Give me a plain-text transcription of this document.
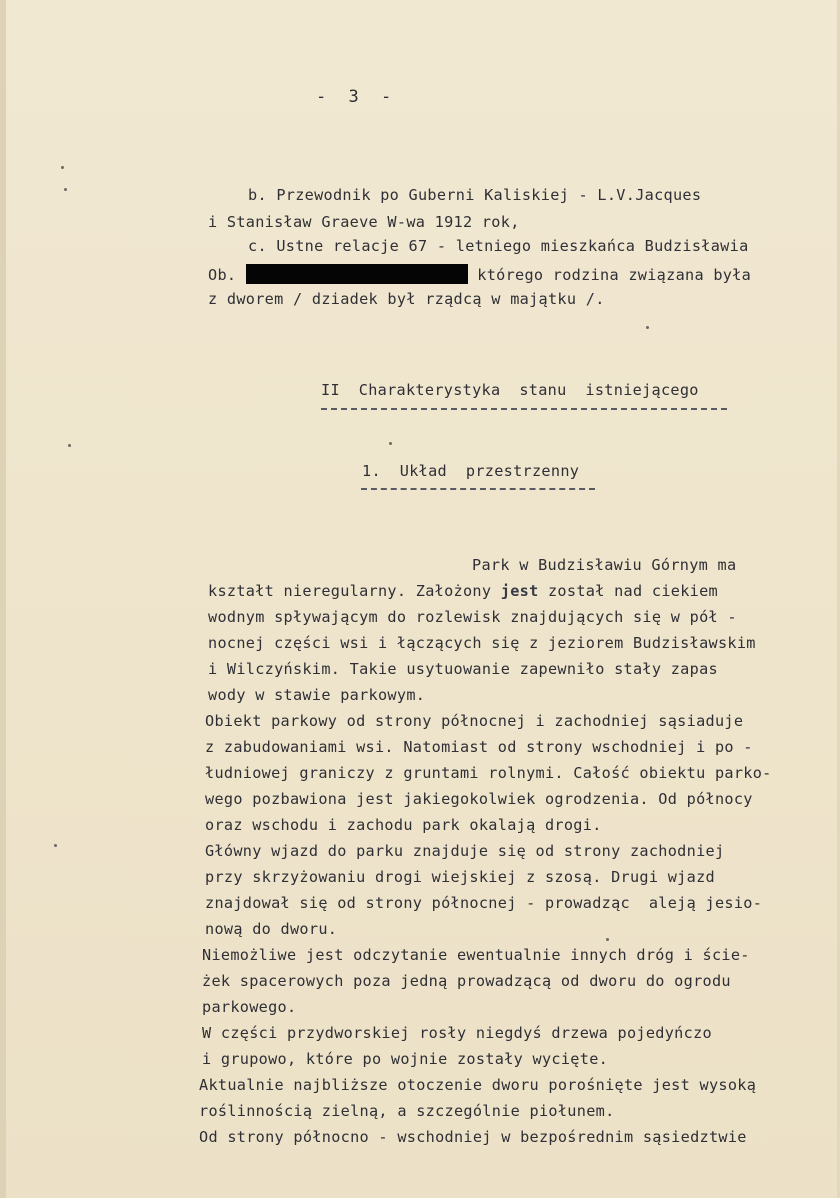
- 3 -
b. Przewodnik po Guberni Kaliskiej - L.V.Jacques
i Stanisław Graeve W-wa 1912 rok,
c. Ustne relacje 67 - letniego mieszkańca Budzisławia
Ob.	którego rodzina związana była
z dworem / dziadek był rządcą w majątku /.
II  Charakterystyka  stanu  istniejącego
1.  Układ  przestrzenny
Park w Budzisławiu Górnym ma
kształt nieregularny. Założony jest został nad ciekiem
wodnym spływającym do rozlewisk znajdujących się w pół -
nocnej części wsi i łączących się z jeziorem Budzisławskim
i Wilczyńskim. Takie usytuowanie zapewniło stały zapas
wody w stawie parkowym.
Obiekt parkowy od strony północnej i zachodniej sąsiaduje
z zabudowaniami wsi. Natomiast od strony wschodniej i po -
łudniowej graniczy z gruntami rolnymi. Całość obiektu parko-
wego pozbawiona jest jakiegokolwiek ogrodzenia. Od północy
oraz wschodu i zachodu park okalają drogi.
Główny wjazd do parku znajduje się od strony zachodniej
przy skrzyżowaniu drogi wiejskiej z szosą. Drugi wjazd
znajdował się od strony północnej - prowadząc  aleją jesio-
nową do dworu.
Niemożliwe jest odczytanie ewentualnie innych dróg i ście-
żek spacerowych poza jedną prowadzącą od dworu do ogrodu
parkowego.
W części przydworskiej rosły niegdyś drzewa pojedyńczo
i grupowo, które po wojnie zostały wycięte.
Aktualnie najbliższe otoczenie dworu porośnięte jest wysoką
roślinnością zielną, a szczególnie piołunem.
Od strony północno - wschodniej w bezpośrednim sąsiedztwie
